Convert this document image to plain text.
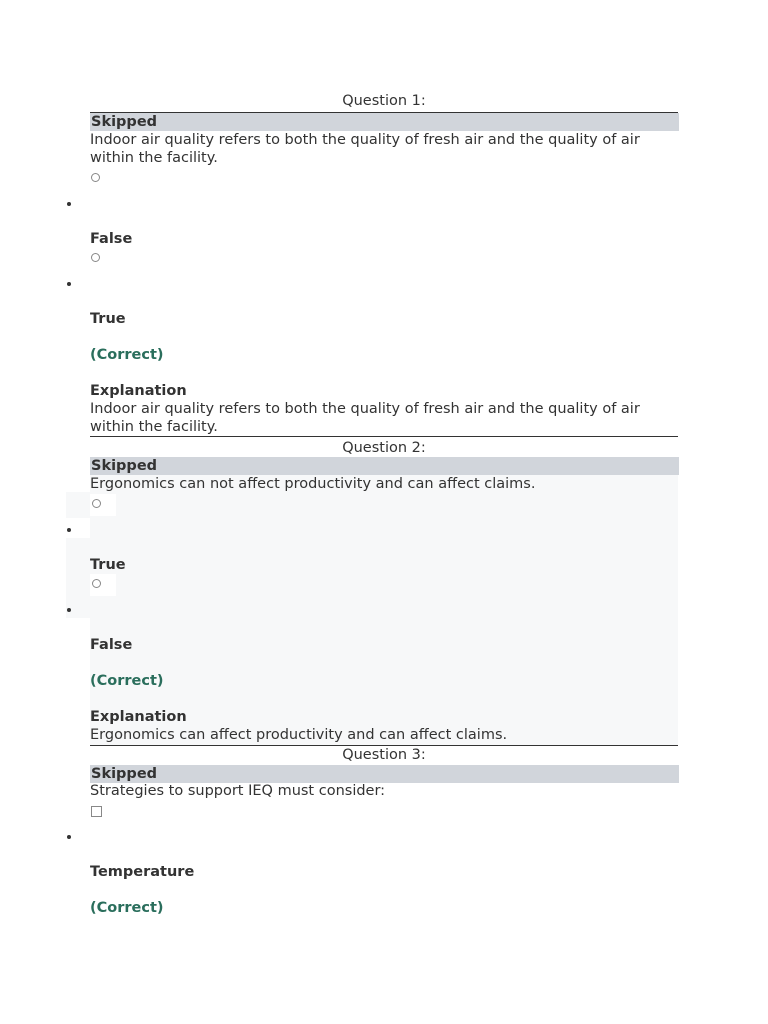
Question 1:
Skipped
Indoor air quality refers to both the quality of fresh air and the quality of air within the facility.
False
True
(Correct)
Explanation
Indoor air quality refers to both the quality of fresh air and the quality of air within the facility.
Question 2:
Skipped
Ergonomics can not affect productivity and can affect claims.
True
False
(Correct)
Explanation
Ergonomics can affect productivity and can affect claims.
Question 3:
Skipped
Strategies to support IEQ must consider:
Temperature
(Correct)
